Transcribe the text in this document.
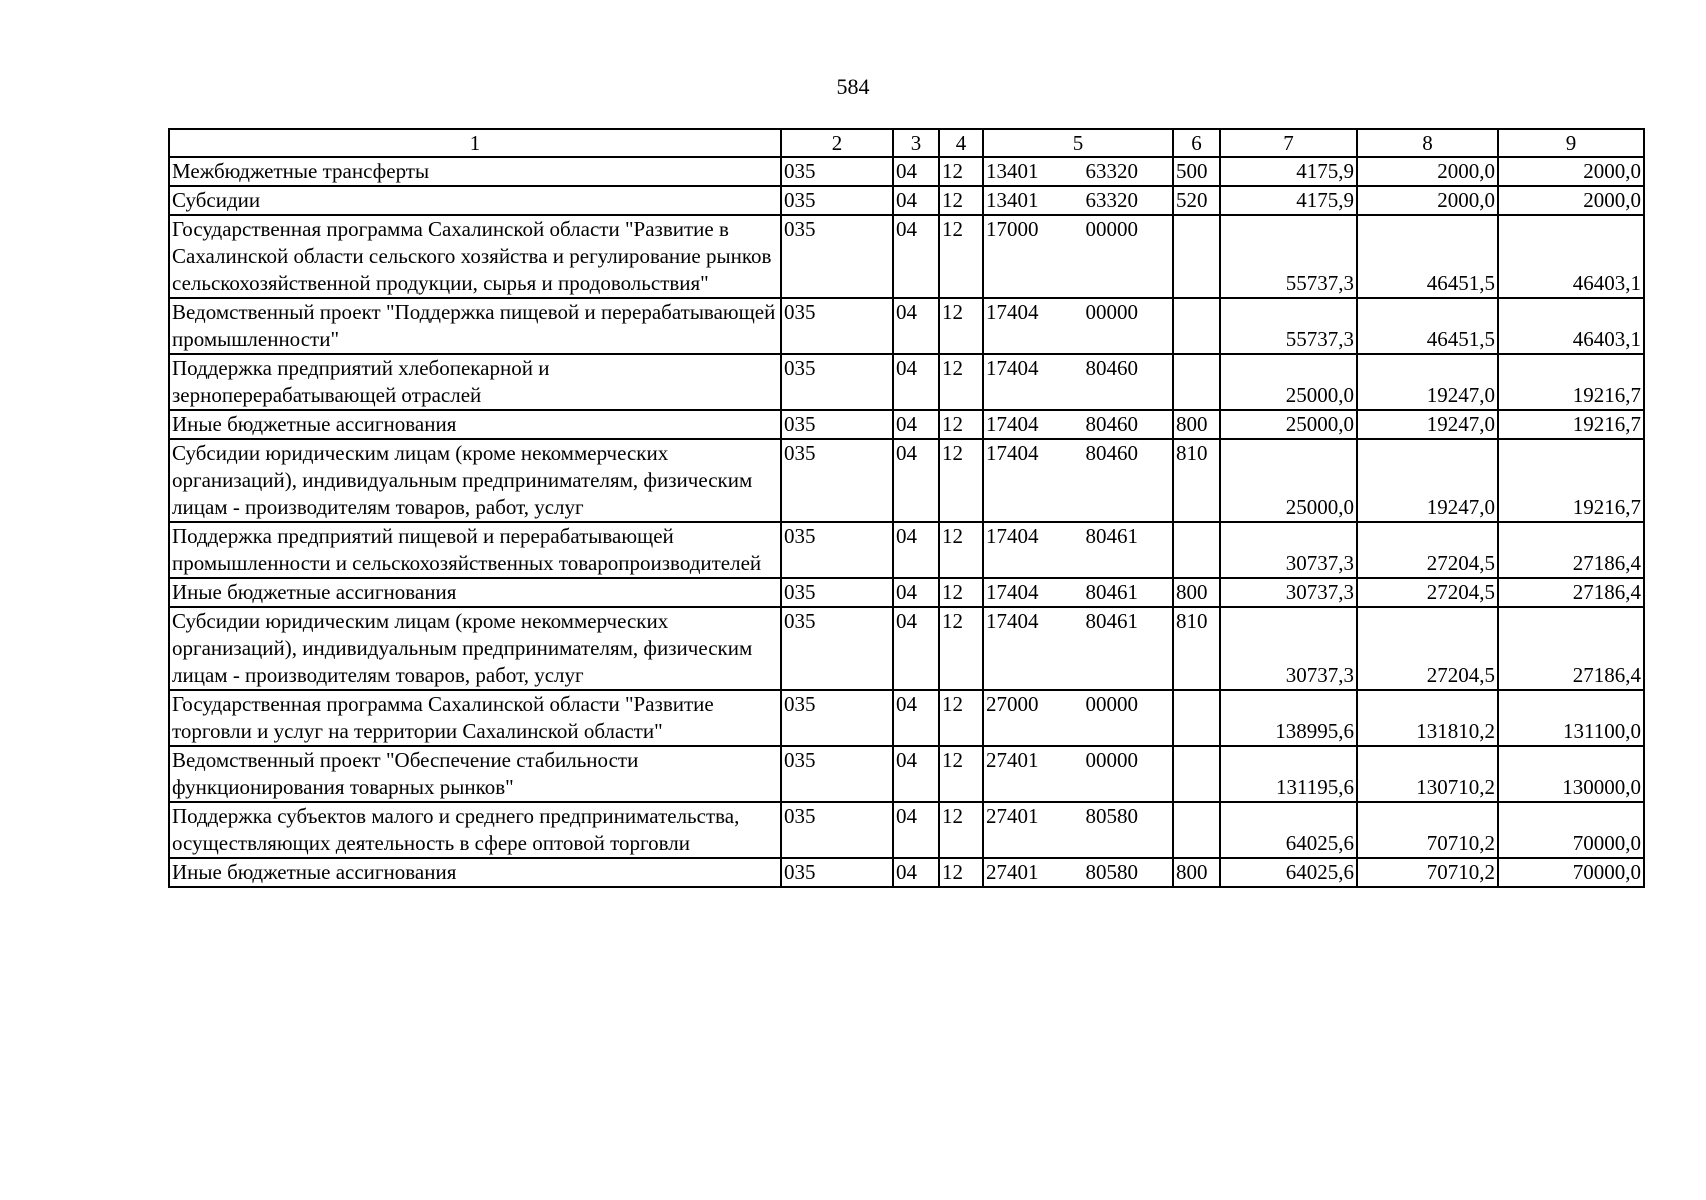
584
1	2	3	4	5	6	7	8	9
Межбюджетные трансферты	035	04	12	13401 63320	500	4175,9	2000,0	2000,0
Субсидии	035	04	12	13401 63320	520	4175,9	2000,0	2000,0
Государственная программа Сахалинской области "Развитие в Сахалинской области сельского хозяйства и регулирование рынков сельскохозяйственной продукции, сырья и продовольствия"	035	04	12	17000 00000		55737,3	46451,5	46403,1
Ведомственный проект "Поддержка пищевой и перерабатывающей промышленности"	035	04	12	17404 00000		55737,3	46451,5	46403,1
Поддержка предприятий хлебопекарной и зерноперерабатывающей отраслей	035	04	12	17404 80460		25000,0	19247,0	19216,7
Иные бюджетные ассигнования	035	04	12	17404 80460	800	25000,0	19247,0	19216,7
Субсидии юридическим лицам (кроме некоммерческих организаций), индивидуальным предпринимателям, физическим лицам - производителям товаров, работ, услуг	035	04	12	17404 80460	810	25000,0	19247,0	19216,7
Поддержка предприятий пищевой и перерабатывающей промышленности и сельскохозяйственных товаропроизводителей	035	04	12	17404 80461		30737,3	27204,5	27186,4
Иные бюджетные ассигнования	035	04	12	17404 80461	800	30737,3	27204,5	27186,4
Субсидии юридическим лицам (кроме некоммерческих организаций), индивидуальным предпринимателям, физическим лицам - производителям товаров, работ, услуг	035	04	12	17404 80461	810	30737,3	27204,5	27186,4
Государственная программа Сахалинской области "Развитие торговли и услуг на территории Сахалинской области"	035	04	12	27000 00000		138995,6	131810,2	131100,0
Ведомственный проект "Обеспечение стабильности функционирования товарных рынков"	035	04	12	27401 00000		131195,6	130710,2	130000,0
Поддержка субъектов малого и среднего предпринимательства, осуществляющих деятельность в сфере оптовой торговли	035	04	12	27401 80580		64025,6	70710,2	70000,0
Иные бюджетные ассигнования	035	04	12	27401 80580	800	64025,6	70710,2	70000,0
